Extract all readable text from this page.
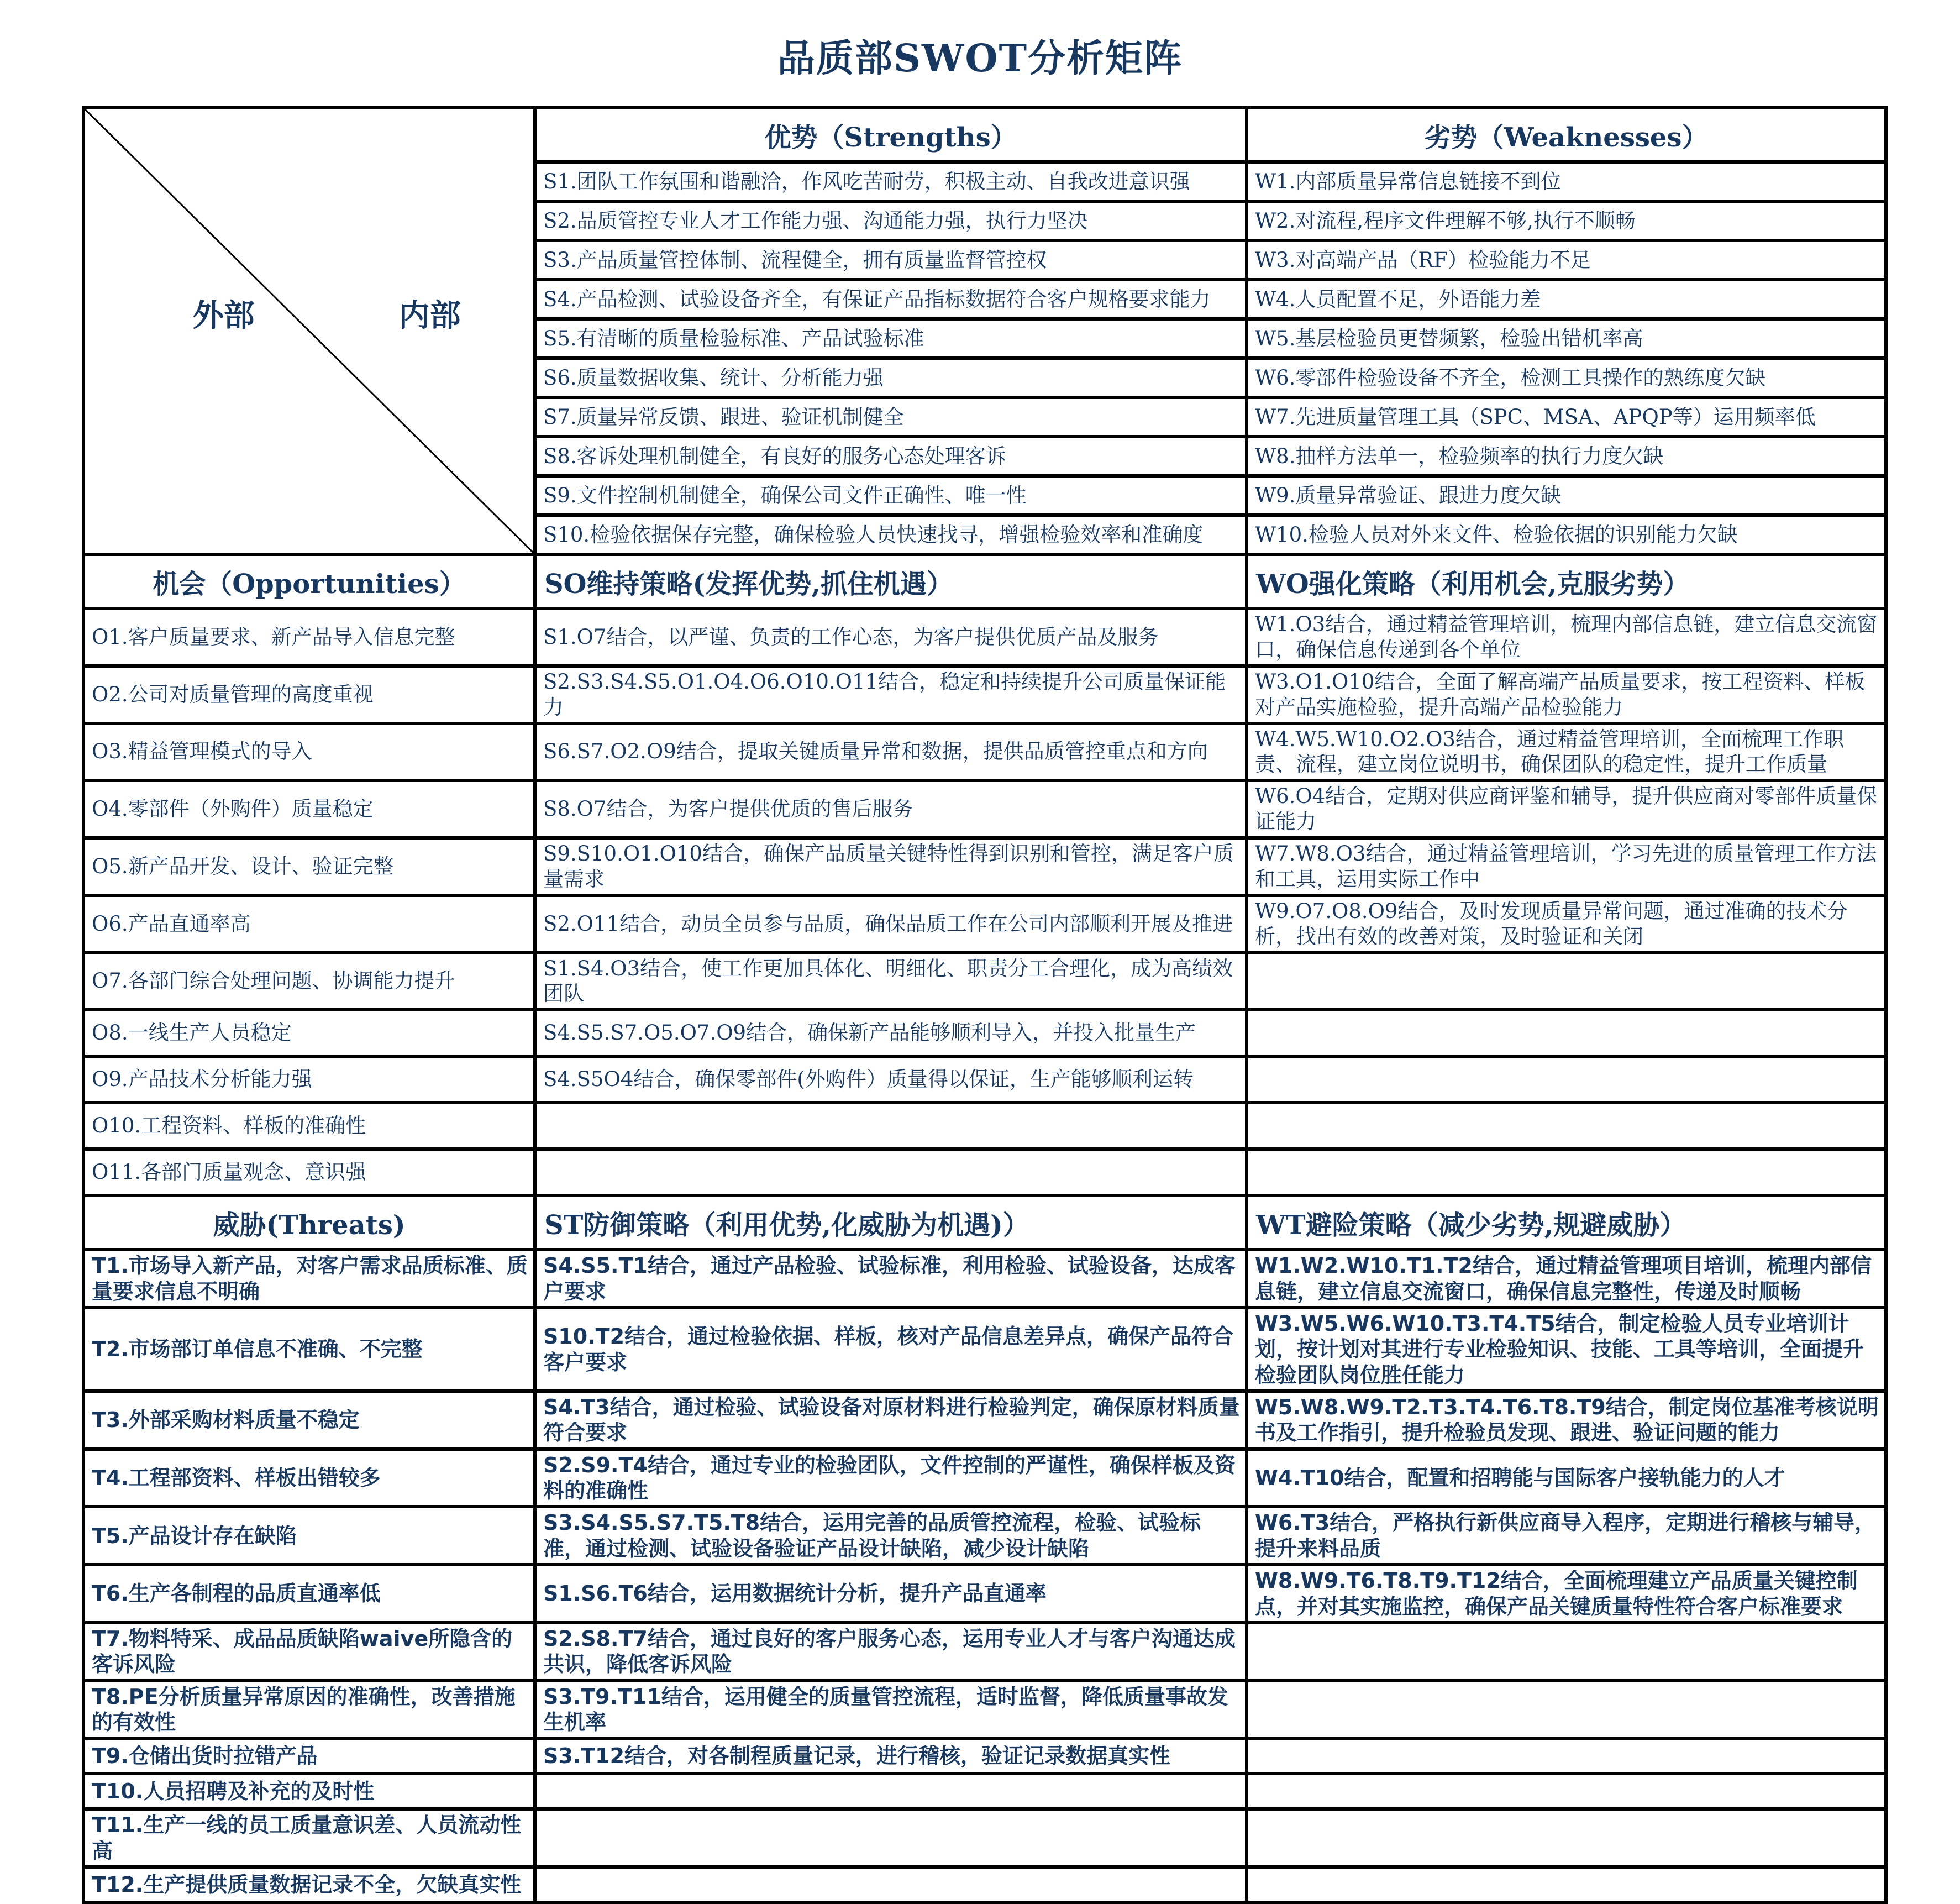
品质部SWOT分析矩阵
外部 内部	优势（Strengths）	劣势（Weaknesses）
	S1.团队工作氛围和谐融洽，作风吃苦耐劳，积极主动、自我改进意识强	W1.内部质量异常信息链接不到位
	S2.品质管控专业人才工作能力强、沟通能力强，执行力坚决	W2.对流程,程序文件理解不够,执行不顺畅
	S3.产品质量管控体制、流程健全，拥有质量监督管控权	W3.对高端产品（RF）检验能力不足
	S4.产品检测、试验设备齐全，有保证产品指标数据符合客户规格要求能力	W4.人员配置不足，外语能力差
	S5.有清晰的质量检验标准、产品试验标准	W5.基层检验员更替频繁，检验出错机率高
	S6.质量数据收集、统计、分析能力强	W6.零部件检验设备不齐全，检测工具操作的熟练度欠缺
	S7.质量异常反馈、跟进、验证机制健全	W7.先进质量管理工具（SPC、MSA、APQP等）运用频率低
	S8.客诉处理机制健全，有良好的服务心态处理客诉	W8.抽样方法单一，检验频率的执行力度欠缺
	S9.文件控制机制健全，确保公司文件正确性、唯一性	W9.质量异常验证、跟进力度欠缺
	S10.检验依据保存完整，确保检验人员快速找寻，增强检验效率和准确度	W10.检验人员对外来文件、检验依据的识别能力欠缺
机会（Opportunities）	SO维持策略(发挥优势,抓住机遇）	WO强化策略（利用机会,克服劣势）
O1.客户质量要求、新产品导入信息完整	S1.O7结合，以严谨、负责的工作心态，为客户提供优质产品及服务	W1.O3结合，通过精益管理培训，梳理内部信息链，建立信息交流窗口，确保信息传递到各个单位
O2.公司对质量管理的高度重视	S2.S3.S4.S5.O1.O4.O6.O10.O11结合，稳定和持续提升公司质量保证能力	W3.O1.O10结合，全面了解高端产品质量要求，按工程资料、样板对产品实施检验，提升高端产品检验能力
O3.精益管理模式的导入	S6.S7.O2.O9结合，提取关键质量异常和数据，提供品质管控重点和方向	W4.W5.W10.O2.O3结合，通过精益管理培训，全面梳理工作职责、流程，建立岗位说明书，确保团队的稳定性，提升工作质量
O4.零部件（外购件）质量稳定	S8.O7结合，为客户提供优质的售后服务	W6.O4结合，定期对供应商评鉴和辅导，提升供应商对零部件质量保证能力
O5.新产品开发、设计、验证完整	S9.S10.O1.O10结合，确保产品质量关键特性得到识别和管控，满足客户质量需求	W7.W8.O3结合，通过精益管理培训，学习先进的质量管理工作方法和工具，运用实际工作中
O6.产品直通率高	S2.O11结合，动员全员参与品质，确保品质工作在公司内部顺利开展及推进	W9.O7.O8.O9结合，及时发现质量异常问题，通过准确的技术分析，找出有效的改善对策，及时验证和关闭
O7.各部门综合处理问题、协调能力提升	S1.S4.O3结合，使工作更加具体化、明细化、职责分工合理化，成为高绩效团队	
O8.一线生产人员稳定	S4.S5.S7.O5.O7.O9结合，确保新产品能够顺利导入，并投入批量生产	
O9.产品技术分析能力强	S4.S5O4结合，确保零部件(外购件）质量得以保证，生产能够顺利运转	
O10.工程资料、样板的准确性		
O11.各部门质量观念、意识强		
威胁(Threats)	ST防御策略（利用优势,化威胁为机遇)）	WT避险策略（减少劣势,规避威胁）
T1.市场导入新产品，对客户需求品质标准、质量要求信息不明确	S4.S5.T1结合，通过产品检验、试验标准，利用检验、试验设备，达成客户要求	W1.W2.W10.T1.T2结合，通过精益管理项目培训，梳理内部信息链，建立信息交流窗口，确保信息完整性，传递及时顺畅
T2.市场部订单信息不准确、不完整	S10.T2结合，通过检验依据、样板，核对产品信息差异点，确保产品符合客户要求	W3.W5.W6.W10.T3.T4.T5结合，制定检验人员专业培训计划，按计划对其进行专业检验知识、技能、工具等培训，全面提升检验团队岗位胜任能力
T3.外部采购材料质量不稳定	S4.T3结合，通过检验、试验设备对原材料进行检验判定，确保原材料质量符合要求	W5.W8.W9.T2.T3.T4.T6.T8.T9结合，制定岗位基准考核说明书及工作指引，提升检验员发现、跟进、验证问题的能力
T4.工程部资料、样板出错较多	S2.S9.T4结合，通过专业的检验团队，文件控制的严谨性，确保样板及资料的准确性	W4.T10结合，配置和招聘能与国际客户接轨能力的人才
T5.产品设计存在缺陷	S3.S4.S5.S7.T5.T8结合，运用完善的品质管控流程，检验、试验标准，通过检测、试验设备验证产品设计缺陷，减少设计缺陷	W6.T3结合，严格执行新供应商导入程序，定期进行稽核与辅导，提升来料品质
T6.生产各制程的品质直通率低	S1.S6.T6结合，运用数据统计分析，提升产品直通率	W8.W9.T6.T8.T9.T12结合，全面梳理建立产品质量关键控制点，并对其实施监控，确保产品关键质量特性符合客户标准要求
T7.物料特采、成品品质缺陷waive所隐含的客诉风险	S2.S8.T7结合，通过良好的客户服务心态，运用专业人才与客户沟通达成共识，降低客诉风险	
T8.PE分析质量异常原因的准确性，改善措施的有效性	S3.T9.T11结合，运用健全的质量管控流程，适时监督，降低质量事故发生机率	
T9.仓储出货时拉错产品	S3.T12结合，对各制程质量记录，进行稽核，验证记录数据真实性	
T10.人员招聘及补充的及时性		
T11.生产一线的员工质量意识差、人员流动性高		
T12.生产提供质量数据记录不全，欠缺真实性		
